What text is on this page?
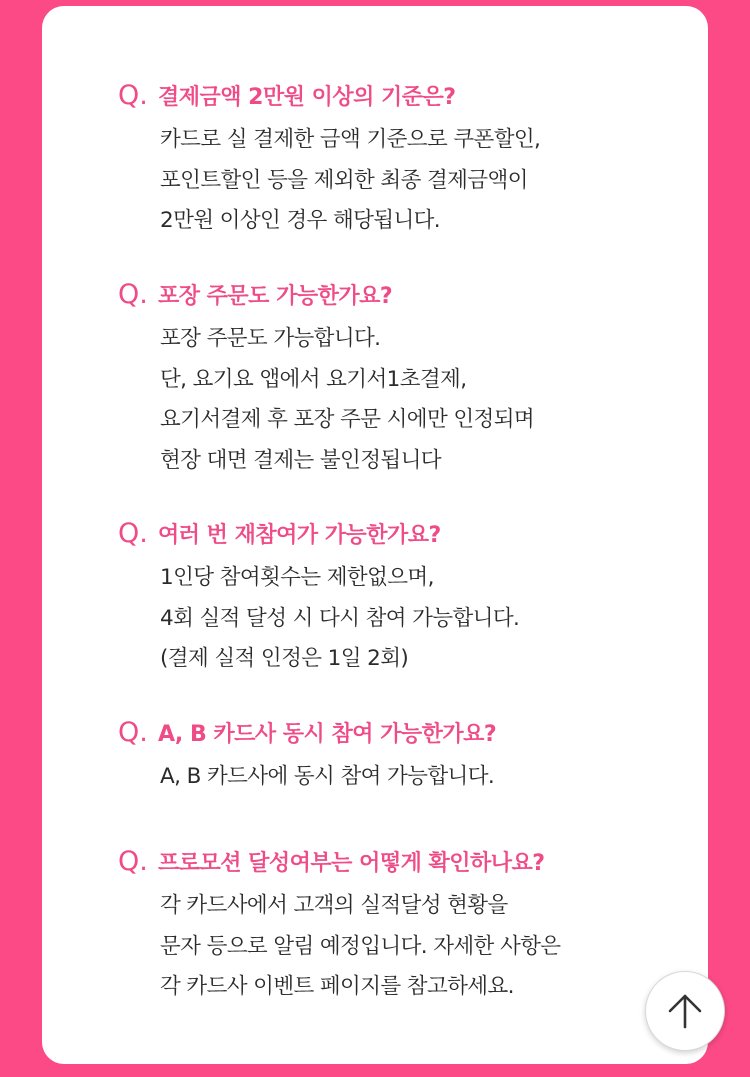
Q. 결제금액 2만원 이상의 기준은?
카드로 실 결제한 금액 기준으로 쿠폰할인,
포인트할인 등을 제외한 최종 결제금액이
2만원 이상인 경우 해당됩니다.
Q. 포장 주문도 가능한가요?
포장 주문도 가능합니다.
단, 요기요 앱에서 요기서1초결제,
요기서결제 후 포장 주문 시에만 인정되며
현장 대면 결제는 불인정됩니다
Q. 여러 번 재참여가 가능한가요?
1인당 참여횟수는 제한없으며,
4회 실적 달성 시 다시 참여 가능합니다.
(결제 실적 인정은 1일 2회)
Q. A, B 카드사 동시 참여 가능한가요?
A, B 카드사에 동시 참여 가능합니다.
Q. 프로모션 달성여부는 어떻게 확인하나요?
각 카드사에서 고객의 실적달성 현황을
문자 등으로 알림 예정입니다. 자세한 사항은
각 카드사 이벤트 페이지를 참고하세요.
